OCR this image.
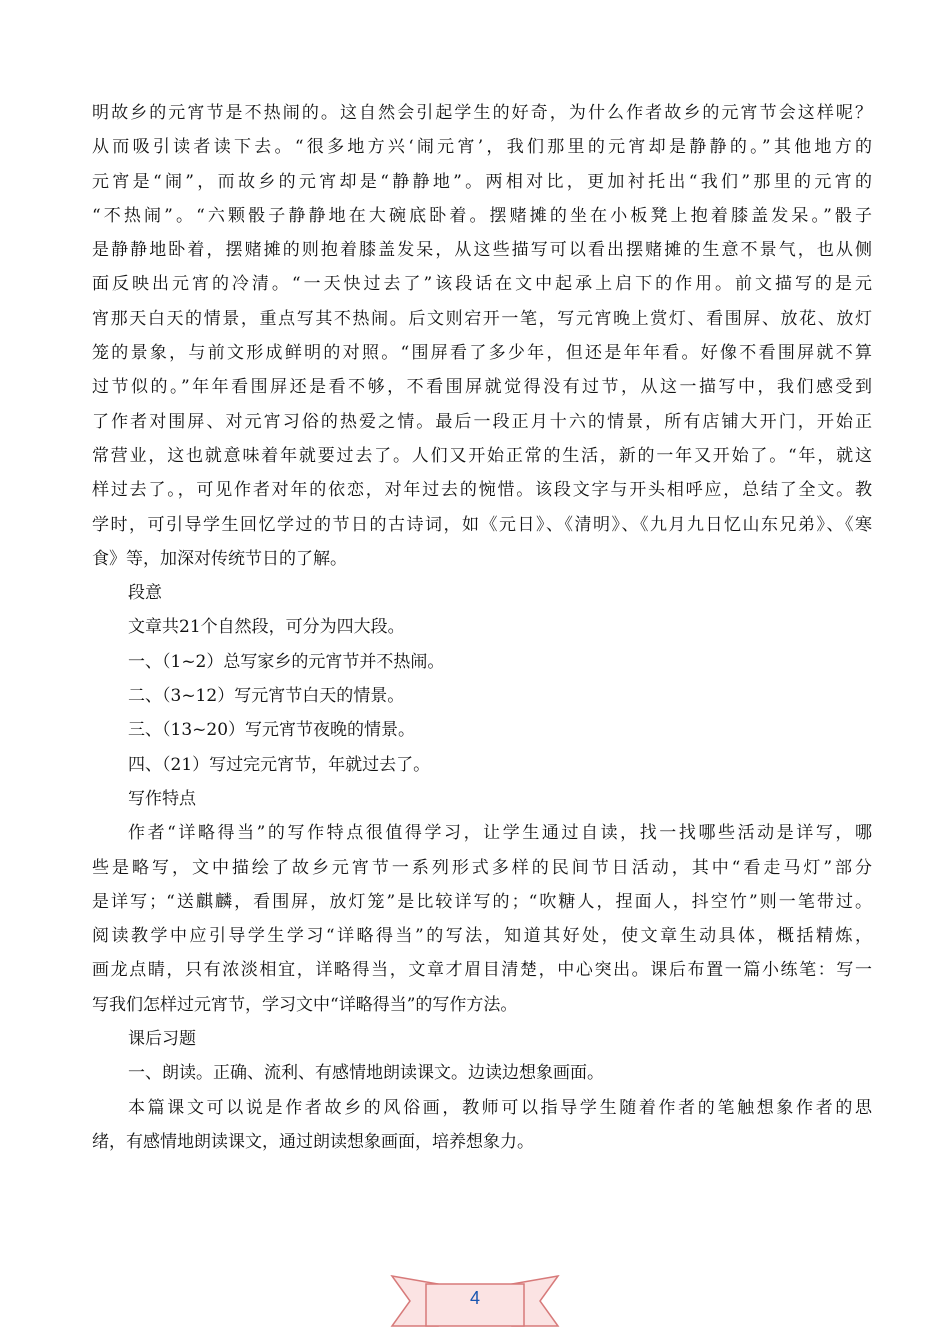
明故乡的元宵节是不热闹的。这自然会引起学生的好奇，为什么作者故乡的元宵节会这样呢？
从而吸引读者读下去。“很多地方兴‘闹元宵’，我们那里的元宵却是静静的。”其他地方的
元宵是“闹”，而故乡的元宵却是“静静地”。两相对比，更加衬托出“我们”那里的元宵的
“不热闹”。“六颗骰子静静地在大碗底卧着。摆赌摊的坐在小板凳上抱着膝盖发呆。”骰子
是静静地卧着，摆赌摊的则抱着膝盖发呆，从这些描写可以看出摆赌摊的生意不景气，也从侧
面反映出元宵的冷清。“一天快过去了”该段话在文中起承上启下的作用。前文描写的是元
宵那天白天的情景，重点写其不热闹。后文则宕开一笔，写元宵晚上赏灯、看围屏、放花、放灯
笼的景象，与前文形成鲜明的对照。“围屏看了多少年，但还是年年看。好像不看围屏就不算
过节似的。”年年看围屏还是看不够，不看围屏就觉得没有过节，从这一描写中，我们感受到
了作者对围屏、对元宵习俗的热爱之情。最后一段正月十六的情景，所有店铺大开门，开始正
常营业，这也就意味着年就要过去了。人们又开始正常的生活，新的一年又开始了。“年，就这
样过去了。，可见作者对年的依恋，对年过去的惋惜。该段文字与开头相呼应，总结了全文。教
学时，可引导学生回忆学过的节日的古诗词，如《元日》、《清明》、《九月九日忆山东兄弟》、《寒
食》等，加深对传统节日的了解。
段意
文章共21个自然段，可分为四大段。
一、（1~2）总写家乡的元宵节并不热闹。
二、（3~12）写元宵节白天的情景。
三、（13~20）写元宵节夜晚的情景。
四、（21）写过完元宵节，年就过去了。
写作特点
作者“详略得当”的写作特点很值得学习，让学生通过自读，找一找哪些活动是详写，哪
些是略写，文中描绘了故乡元宵节一系列形式多样的民间节日活动，其中“看走马灯”部分
是详写；“送麒麟，看围屏，放灯笼”是比较详写的；“吹糖人，捏面人，抖空竹”则一笔带过。
阅读教学中应引导学生学习“详略得当”的写法，知道其好处，使文章生动具体，概括精炼，
画龙点睛，只有浓淡相宜，详略得当，文章才眉目清楚，中心突出。课后布置一篇小练笔：写一
写我们怎样过元宵节，学习文中“详略得当”的写作方法。
课后习题
一、朗读。正确、流利、有感情地朗读课文。边读边想象画面。
本篇课文可以说是作者故乡的风俗画，教师可以指导学生随着作者的笔触想象作者的思
绪，有感情地朗读课文，通过朗读想象画面，培养想象力。
4
